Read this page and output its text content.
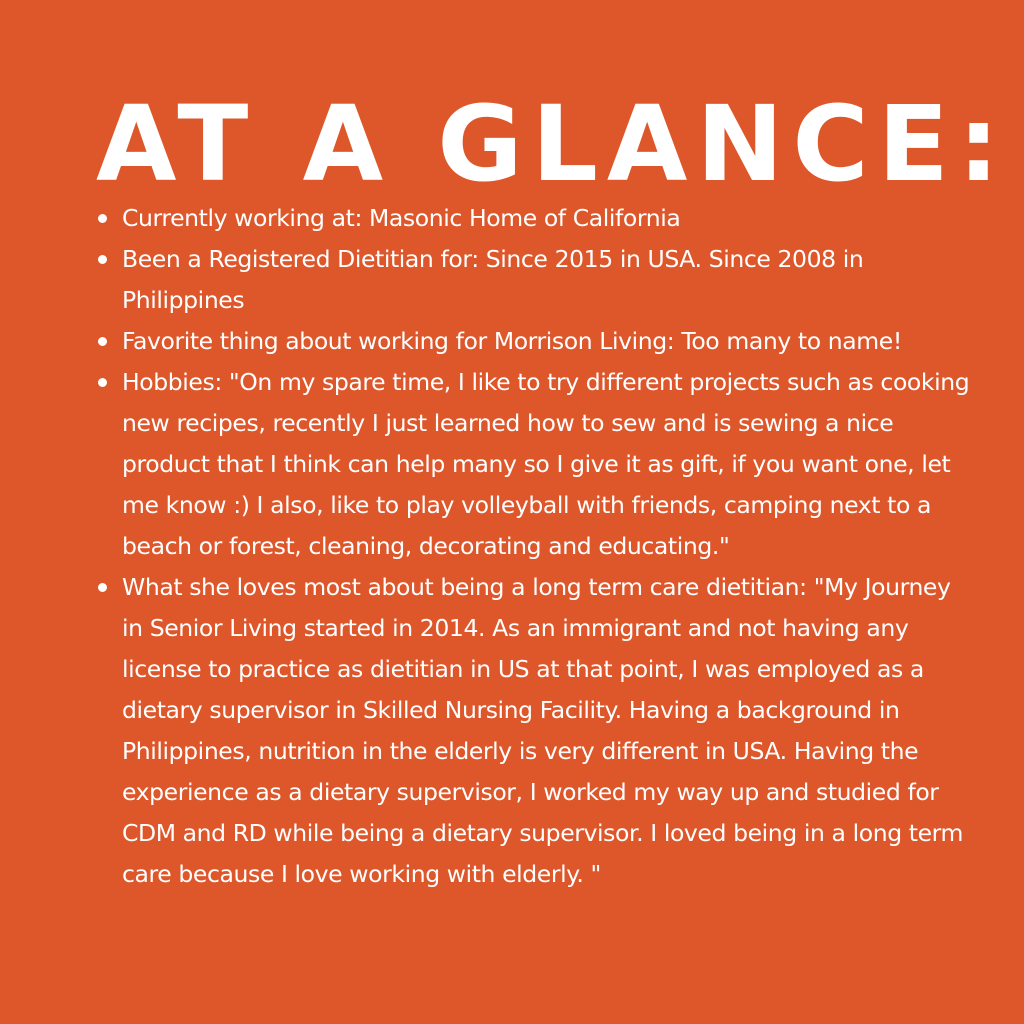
AT A GLANCE:
Currently working at: Masonic Home of California
Been a Registered Dietitian for: Since 2015 in USA. Since 2008 in Philippines
Favorite thing about working for Morrison Living: Too many to name!
Hobbies: "On my spare time, I like to try different projects such as cooking new recipes, recently I just learned how to sew and is sewing a nice product that I think can help many so I give it as gift, if you want one, let me know :) I also, like to play volleyball with friends, camping next to a beach or forest, cleaning, decorating and educating."
What she loves most about being a long term care dietitian: "My Journey in Senior Living started in 2014. As an immigrant and not having any license to practice as dietitian in US at that point, I was employed as a dietary supervisor in Skilled Nursing Facility. Having a background in Philippines, nutrition in the elderly is very different in USA. Having the experience as a dietary supervisor, I worked my way up and studied for CDM and RD while being a dietary supervisor. I loved being in a long term care because I love working with elderly. "
